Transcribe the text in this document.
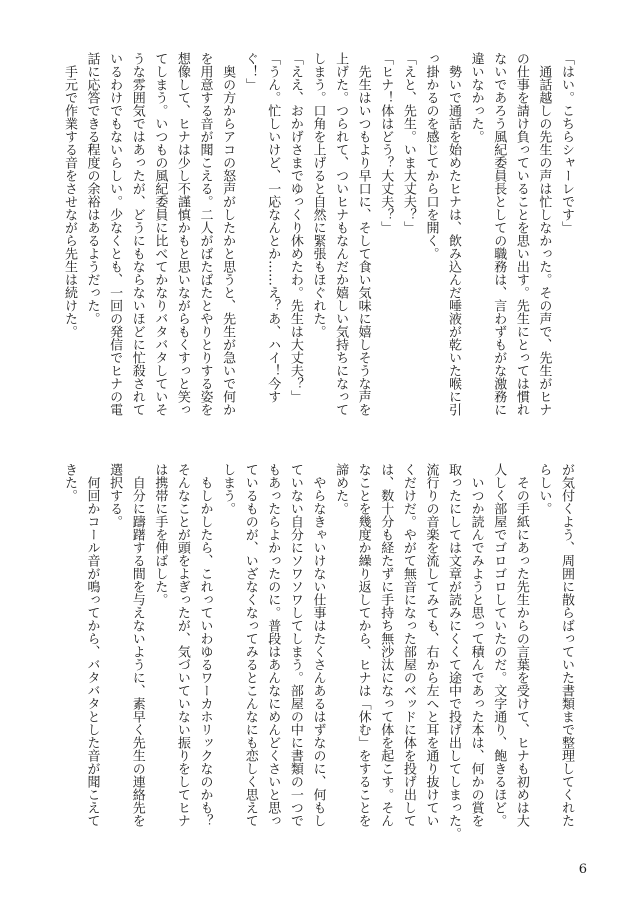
「はい。こちらシャーレです」
　通話越しの先生の声は忙しなかった。その声で、先生がヒナ
の仕事を請け負っていることを思い出す。先生にとっては慣れ
ないであろう風紀委員長としての職務は、言わずもがな激務に
違いなかった。
　勢いで通話を始めたヒナは、飲み込んだ唾液が乾いた喉に引
っ掛かるのを感じてから口を開く。
「えと、先生。いま大丈夫？」
「ヒナ！体はどう？大丈夫？」
　先生はいつもより早口に、そして食い気味に嬉しそうな声を
上げた。つられて、ついヒナもなんだか嬉しい気持ちになって
しまう。口角を上げると自然に緊張もほぐれた。
「ええ、おかげさまでゆっくり休めたわ。先生は大丈夫？」
「うん。忙しいけど、一応なんとか……え？あ、ハイ！今す
ぐ！」
　奥の方からアコの怒声がしたかと思うと、先生が急いで何か
を用意する音が聞こえる。二人がばたばたとやりとりする姿を
想像して、ヒナは少し不謹慎かもと思いながらもくすっと笑っ
てしまう。いつもの風紀委員に比べてかなりバタバタしていそ
うな雰囲気ではあったが、どうにもならないほどに忙殺されて
いるわけでもないらしい。少なくとも、一回の発信でヒナの電
話に応答できる程度の余裕はあるようだった。
　手元で作業する音をさせながら先生は続けた。
が気付くよう、周囲に散らばっていた書類まで整理してくれた
らしい。
　その手紙にあった先生からの言葉を受けて、ヒナも初めは大
人しく部屋でゴロゴロしていたのだ。文字通り、飽きるほど。
　いつか読んでみようと思って積んであった本は、何かの賞を
取ったにしては文章が読みにくくて途中で投げ出してしまった。
流行りの音楽を流してみても、右から左へと耳を通り抜けてい
くだけだ。やがて無音になった部屋のベッドに体を投げ出して
は、数十分も経たずに手持ち無沙汰になって体を起こす。そん
なことを幾度か繰り返してから、ヒナは「休む」をすることを
諦めた。
　やらなきゃいけない仕事はたくさんあるはずなのに、何もし
ていない自分にソワソワしてしまう。部屋の中に書類の一つで
もあったらよかったのに。普段はあんなにめんどくさいと思っ
ているものが、いざなくなってみるとこんなにも恋しく思えて
しまう。
　もしかしたら、これっていわゆるワーカホリックなのかも？
そんなことが頭をよぎったが、気づいていない振りをしてヒナ
は携帯に手を伸ばした。
　自分に躊躇する間を与えないように、素早く先生の連絡先を
選択する。
　何回かコール音が鳴ってから、バタバタとした音が聞こえて
きた。
6
